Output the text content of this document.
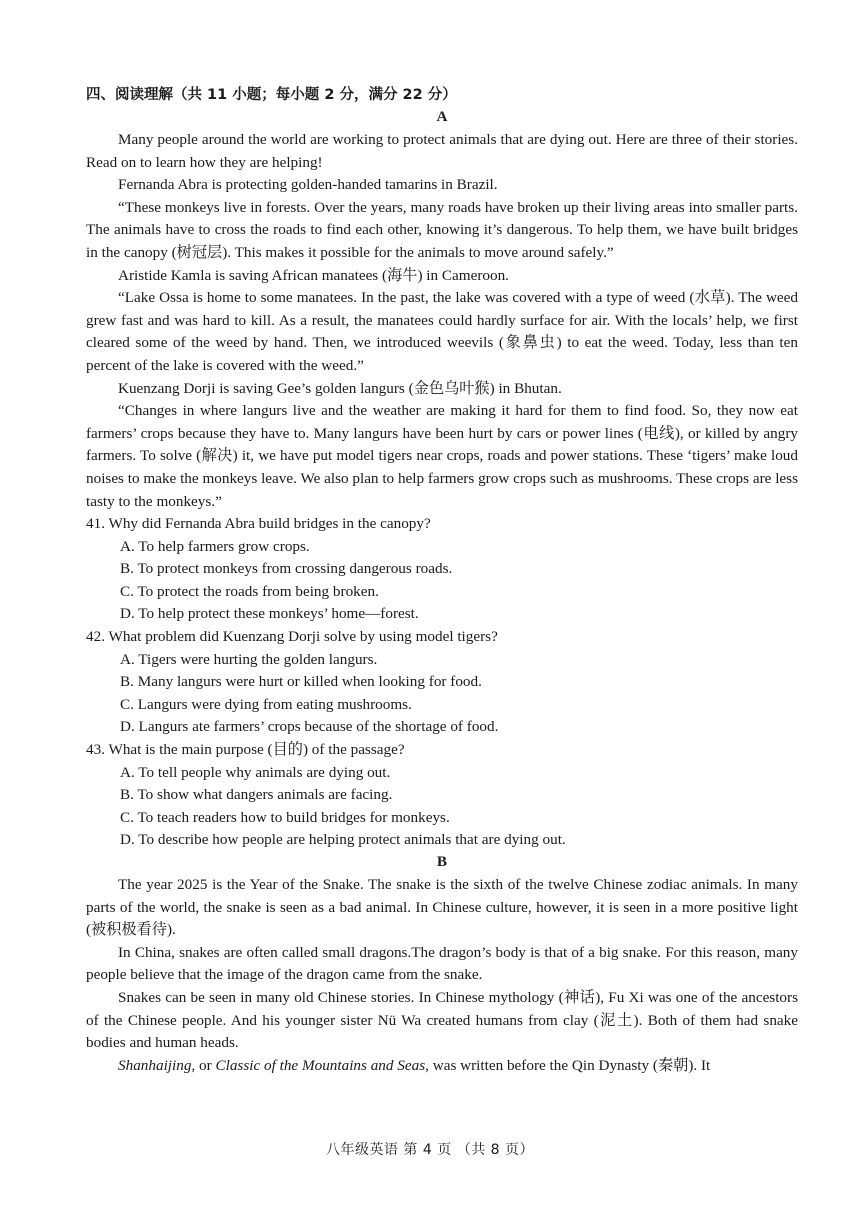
四、阅读理解（共 11 小题；每小题 2 分，满分 22 分）

A

Many people around the world are working to protect animals that are dying out. Here are three of their stories. Read on to learn how they are helping!

Fernanda Abra is protecting golden-handed tamarins in Brazil.

“These monkeys live in forests. Over the years, many roads have broken up their living areas into smaller parts. The animals have to cross the roads to find each other, knowing it’s dangerous. To help them, we have built bridges in the canopy (树冠层). This makes it possible for the animals to move around safely.”

Aristide Kamla is saving African manatees (海牛) in Cameroon.

“Lake Ossa is home to some manatees. In the past, the lake was covered with a type of weed (水草). The weed grew fast and was hard to kill. As a result, the manatees could hardly surface for air. With the locals’ help, we first cleared some of the weed by hand. Then, we introduced weevils (象鼻虫) to eat the weed. Today, less than ten percent of the lake is covered with the weed.”

Kuenzang Dorji is saving Gee’s golden langurs (金色乌叶猴) in Bhutan.

“Changes in where langurs live and the weather are making it hard for them to find food. So, they now eat farmers’ crops because they have to. Many langurs have been hurt by cars or power lines (电线), or killed by angry farmers. To solve (解决) it, we have put model tigers near crops, roads and power stations. These ‘tigers’ make loud noises to make the monkeys leave. We also plan to help farmers grow crops such as mushrooms. These crops are less tasty to the monkeys.”

41. Why did Fernanda Abra build bridges in the canopy?

A. To help farmers grow crops.
B. To protect monkeys from crossing dangerous roads.
C. To protect the roads from being broken.
D. To help protect these monkeys’ home—forest.

42. What problem did Kuenzang Dorji solve by using model tigers?

A. Tigers were hurting the golden langurs.
B. Many langurs were hurt or killed when looking for food.
C. Langurs were dying from eating mushrooms.
D. Langurs ate farmers’ crops because of the shortage of food.

43. What is the main purpose (目的) of the passage?

A. To tell people why animals are dying out.
B. To show what dangers animals are facing.
C. To teach readers how to build bridges for monkeys.
D. To describe how people are helping protect animals that are dying out.

B

The year 2025 is the Year of the Snake. The snake is the sixth of the twelve Chinese zodiac animals. In many parts of the world, the snake is seen as a bad animal. In Chinese culture, however, it is seen in a more positive light (被积极看待).

In China, snakes are often called small dragons.The dragon’s body is that of a big snake. For this reason, many people believe that the image of the dragon came from the snake.

Snakes can be seen in many old Chinese stories. In Chinese mythology (神话), Fu Xi was one of the ancestors of the Chinese people. And his younger sister Nü Wa created humans from clay (泥土). Both of them had snake bodies and human heads.

Shanhaijing, or Classic of the Mountains and Seas, was written before the Qin Dynasty (秦朝). It

八年级英语 第 4 页 （共 8 页）
